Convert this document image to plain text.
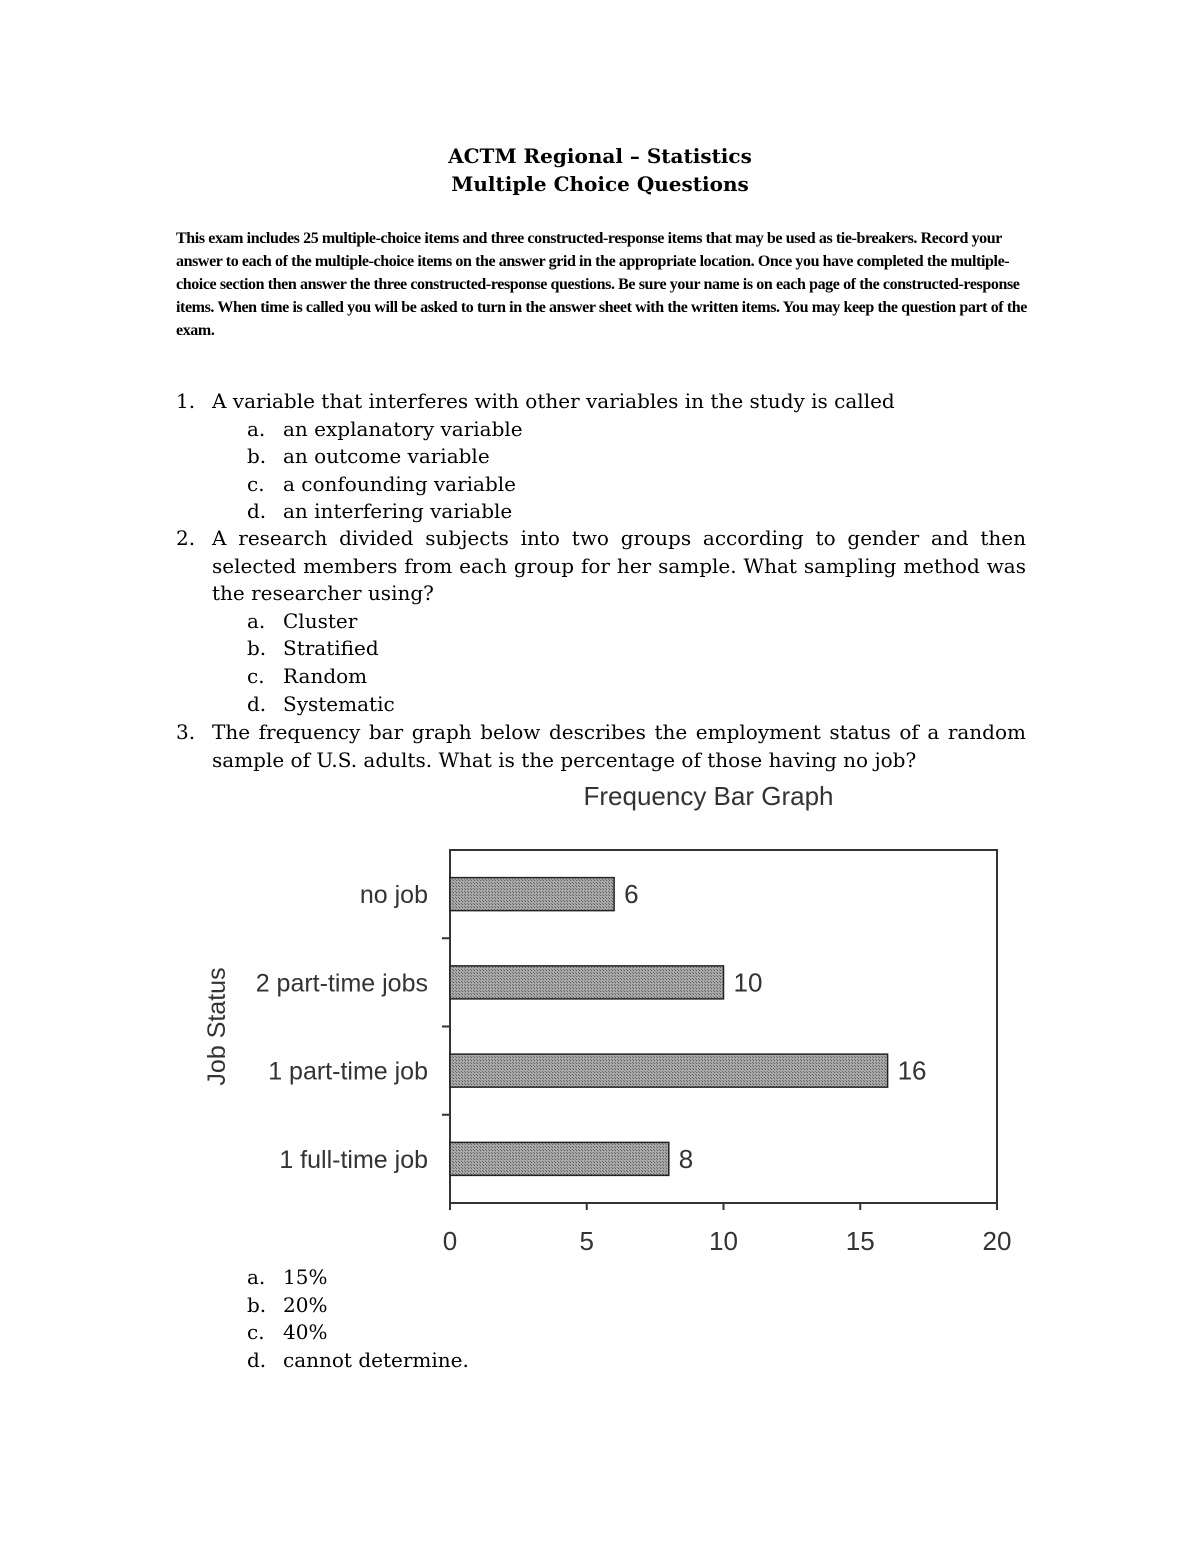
ACTM Regional – Statistics
Multiple Choice Questions
This exam includes 25 multiple-choice items and three constructed-response items that may be used as tie-breakers. Record your answer to each of the multiple-choice items on the answer grid in the appropriate location. Once you have completed the multiple-choice section then answer the three constructed-response questions. Be sure your name is on each page of the constructed-response items. When time is called you will be asked to turn in the answer sheet with the written items. You may keep the question part of the exam.
1. A variable that interferes with other variables in the study is called
a. an explanatory variable
b. an outcome variable
c. a confounding variable
d. an interfering variable
2. A research divided subjects into two groups according to gender and then selected members from each group for her sample. What sampling method was the researcher using?
a. Cluster
b. Stratified
c. Random
d. Systematic
3. The frequency bar graph below describes the employment status of a random sample of U.S. adults. What is the percentage of those having no job?
Frequency Bar Graph
6
no job
10
2 part-time jobs
16
1 part-time job
8
1 full-time job
0	5	10	15	20
Job Status
a. 15%
b. 20%
c. 40%
d. cannot determine.
